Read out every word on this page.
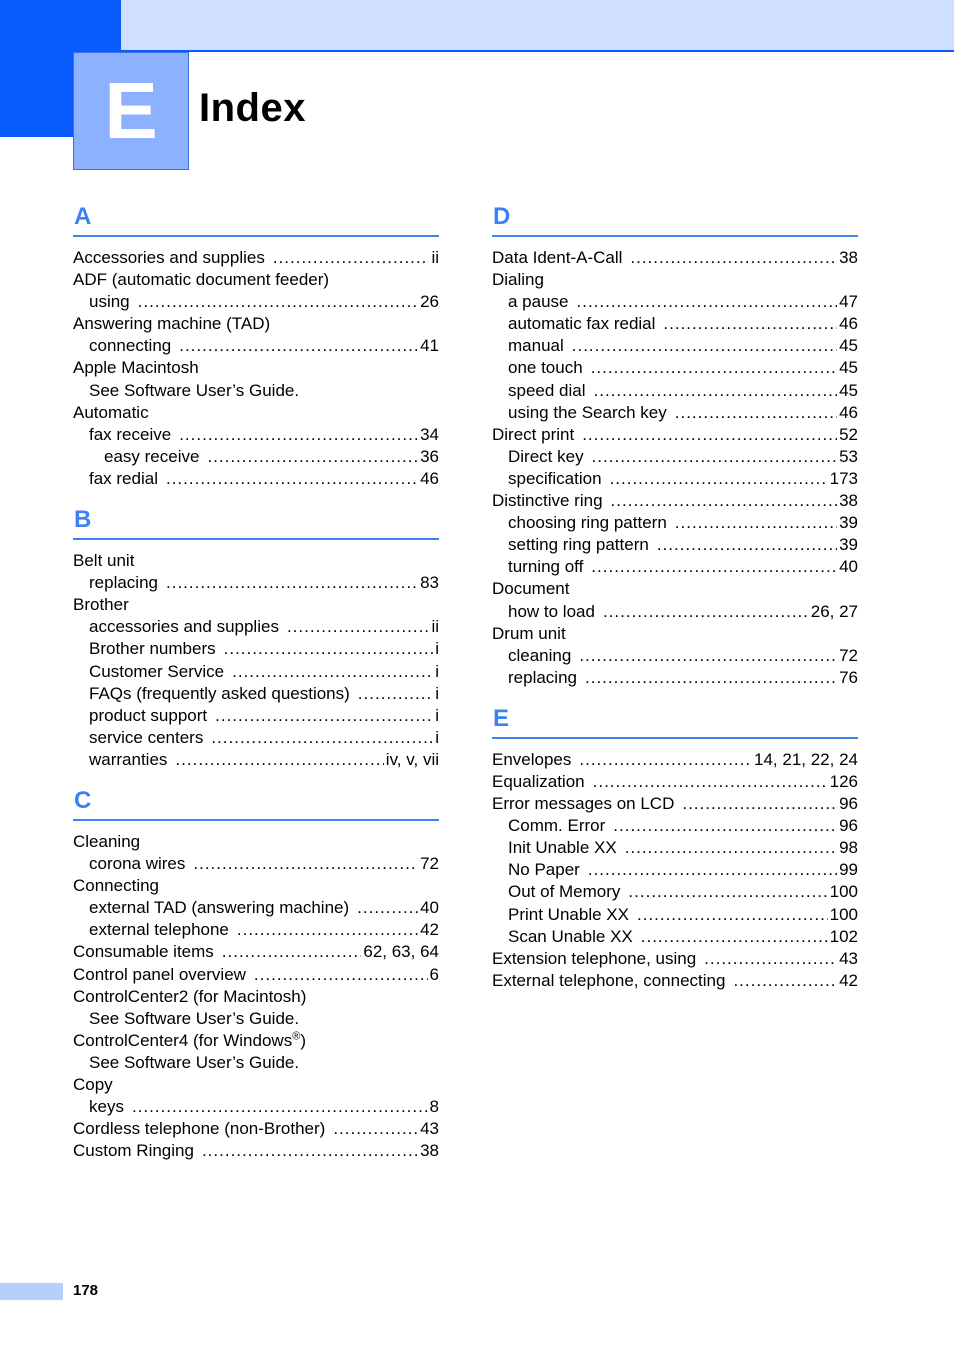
E	Index
A
Accessories and supplies .....	ii
ADF (automatic document feeder)
using .....	26
Answering machine (TAD)
connecting .....	41
Apple Macintosh
See Software User’s Guide.
Automatic
fax receive .....	34
easy receive .....	36
fax redial .....	46
B
Belt unit
replacing .....	83
Brother
accessories and supplies .....	ii
Brother numbers .....	i
Customer Service .....	i
FAQs (frequently asked questions) .....	i
product support .....	i
service centers .....	i
warranties .....	iv, v, vii
C
Cleaning
corona wires .....	72
Connecting
external TAD (answering machine) .....	40
external telephone .....	42
Consumable items .....	62, 63, 64
Control panel overview .....	6
ControlCenter2 (for Macintosh)
See Software User’s Guide.
ControlCenter4 (for Windows®)
See Software User’s Guide.
Copy
keys .....	8
Cordless telephone (non-Brother) .....	43
Custom Ringing .....	38
D
Data Ident-A-Call .....	38
Dialing
a pause .....	47
automatic fax redial .....	46
manual .....	45
one touch .....	45
speed dial .....	45
using the Search key .....	46
Direct print .....	52
Direct key .....	53
specification .....	173
Distinctive ring .....	38
choosing ring pattern .....	39
setting ring pattern .....	39
turning off .....	40
Document
how to load .....	26, 27
Drum unit
cleaning .....	72
replacing .....	76
E
Envelopes .....	14, 21, 22, 24
Equalization .....	126
Error messages on LCD .....	96
Comm. Error .....	96
Init Unable XX .....	98
No Paper .....	99
Out of Memory .....	100
Print Unable XX .....	100
Scan Unable XX .....	102
Extension telephone, using .....	43
External telephone, connecting .....	42
178
